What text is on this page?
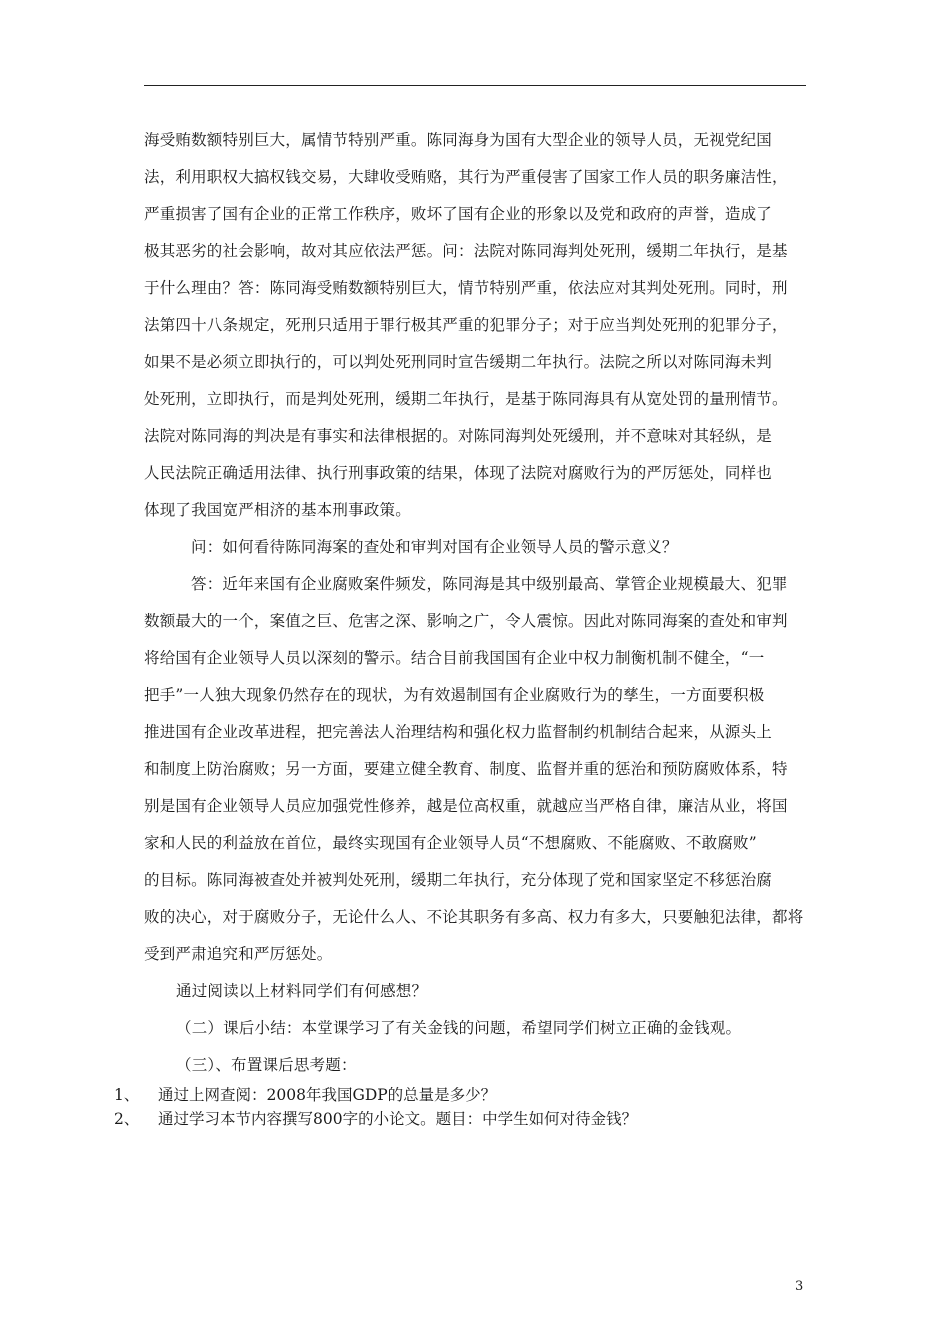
海受贿数额特别巨大，属情节特别严重。陈同海身为国有大型企业的领导人员，无视党纪国
法，利用职权大搞权钱交易，大肆收受贿赂，其行为严重侵害了国家工作人员的职务廉洁性，
严重损害了国有企业的正常工作秩序，败坏了国有企业的形象以及党和政府的声誉，造成了
极其恶劣的社会影响，故对其应依法严惩。问：法院对陈同海判处死刑，缓期二年执行，是基
于什么理由？答：陈同海受贿数额特别巨大，情节特别严重，依法应对其判处死刑。同时，刑
法第四十八条规定，死刑只适用于罪行极其严重的犯罪分子；对于应当判处死刑的犯罪分子，
如果不是必须立即执行的，可以判处死刑同时宣告缓期二年执行。法院之所以对陈同海未判
处死刑，立即执行，而是判处死刑，缓期二年执行，是基于陈同海具有从宽处罚的量刑情节。
法院对陈同海的判决是有事实和法律根据的。对陈同海判处死缓刑，并不意味对其轻纵，是
人民法院正确适用法律、执行刑事政策的结果，体现了法院对腐败行为的严厉惩处，同样也
体现了我国宽严相济的基本刑事政策。
问：如何看待陈同海案的查处和审判对国有企业领导人员的警示意义？
答：近年来国有企业腐败案件频发，陈同海是其中级别最高、掌管企业规模最大、犯罪
数额最大的一个，案值之巨、危害之深、影响之广，令人震惊。因此对陈同海案的查处和审判
将给国有企业领导人员以深刻的警示。结合目前我国国有企业中权力制衡机制不健全，“一
把手”一人独大现象仍然存在的现状，为有效遏制国有企业腐败行为的孳生，一方面要积极
推进国有企业改革进程，把完善法人治理结构和强化权力监督制约机制结合起来，从源头上
和制度上防治腐败；另一方面，要建立健全教育、制度、监督并重的惩治和预防腐败体系，特
别是国有企业领导人员应加强党性修养，越是位高权重，就越应当严格自律，廉洁从业，将国
家和人民的利益放在首位，最终实现国有企业领导人员“不想腐败、不能腐败、不敢腐败”
的目标。陈同海被查处并被判处死刑，缓期二年执行，充分体现了党和国家坚定不移惩治腐
败的决心，对于腐败分子，无论什么人、不论其职务有多高、权力有多大，只要触犯法律，都将
受到严肃追究和严厉惩处。
通过阅读以上材料同学们有何感想？
（二）课后小结：本堂课学习了有关金钱的问题，希望同学们树立正确的金钱观。
（三）、布置课后思考题：
1、 通过上网查阅：2008年我国GDP的总量是多少？
2、 通过学习本节内容撰写800字的小论文。题目：中学生如何对待金钱？
3
